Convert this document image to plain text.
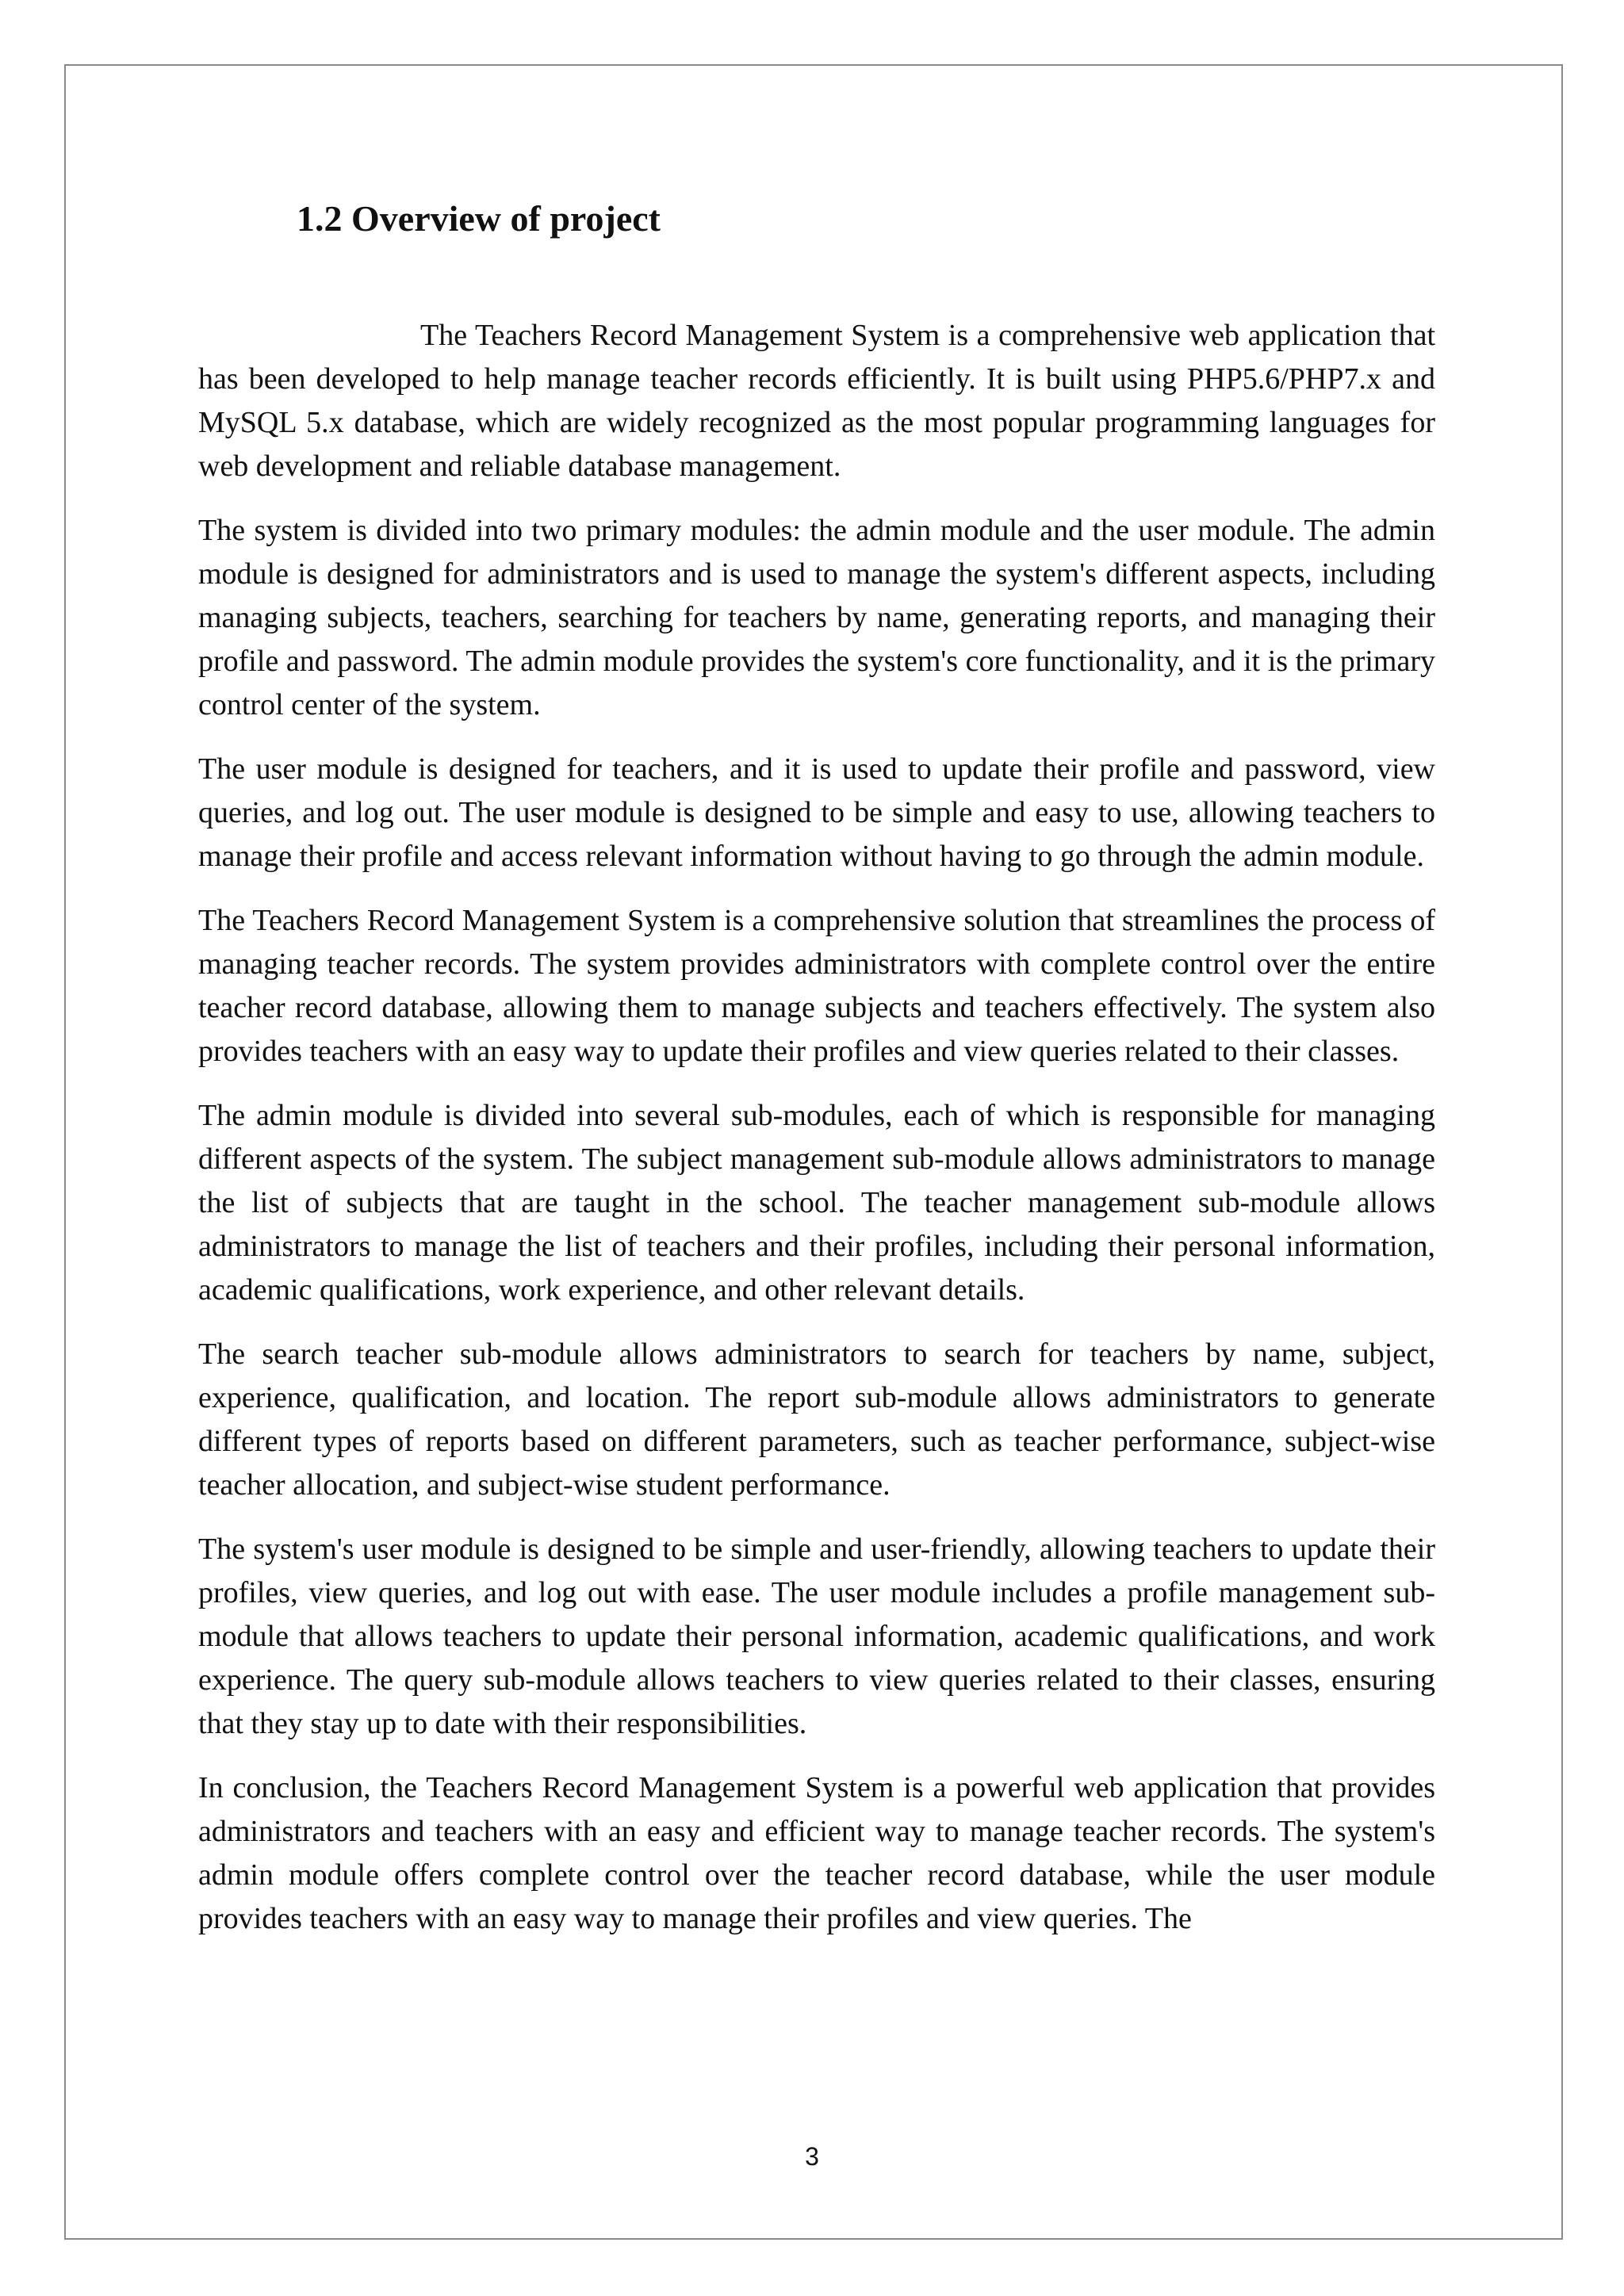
1.2 Overview of project

The Teachers Record Management System is a comprehensive web application that has been developed to help manage teacher records efficiently. It is built using PHP5.6/PHP7.x and MySQL 5.x database, which are widely recognized as the most popular programming languages for web development and reliable database management.

The system is divided into two primary modules: the admin module and the user module. The admin module is designed for administrators and is used to manage the system's different aspects, including managing subjects, teachers, searching for teachers by name, generating reports, and managing their profile and password. The admin module provides the system's core functionality, and it is the primary control center of the system.

The user module is designed for teachers, and it is used to update their profile and password, view queries, and log out. The user module is designed to be simple and easy to use, allowing teachers to manage their profile and access relevant information without having to go through the admin module.

The Teachers Record Management System is a comprehensive solution that streamlines the process of managing teacher records. The system provides administrators with complete control over the entire teacher record database, allowing them to manage subjects and teachers effectively. The system also provides teachers with an easy way to update their profiles and view queries related to their classes.

The admin module is divided into several sub-modules, each of which is responsible for managing different aspects of the system. The subject management sub-module allows administrators to manage the list of subjects that are taught in the school. The teacher management sub-module allows administrators to manage the list of teachers and their profiles, including their personal information, academic qualifications, work experience, and other relevant details.

The search teacher sub-module allows administrators to search for teachers by name, subject, experience, qualification, and location. The report sub-module allows administrators to generate different types of reports based on different parameters, such as teacher performance, subject-wise teacher allocation, and subject-wise student performance.

The system's user module is designed to be simple and user-friendly, allowing teachers to update their profiles, view queries, and log out with ease. The user module includes a profile management sub-module that allows teachers to update their personal information, academic qualifications, and work experience. The query sub-module allows teachers to view queries related to their classes, ensuring that they stay up to date with their responsibilities.

In conclusion, the Teachers Record Management System is a powerful web application that provides administrators and teachers with an easy and efficient way to manage teacher records. The system's admin module offers complete control over the teacher record database, while the user module provides teachers with an easy way to manage their profiles and view queries. The

3
